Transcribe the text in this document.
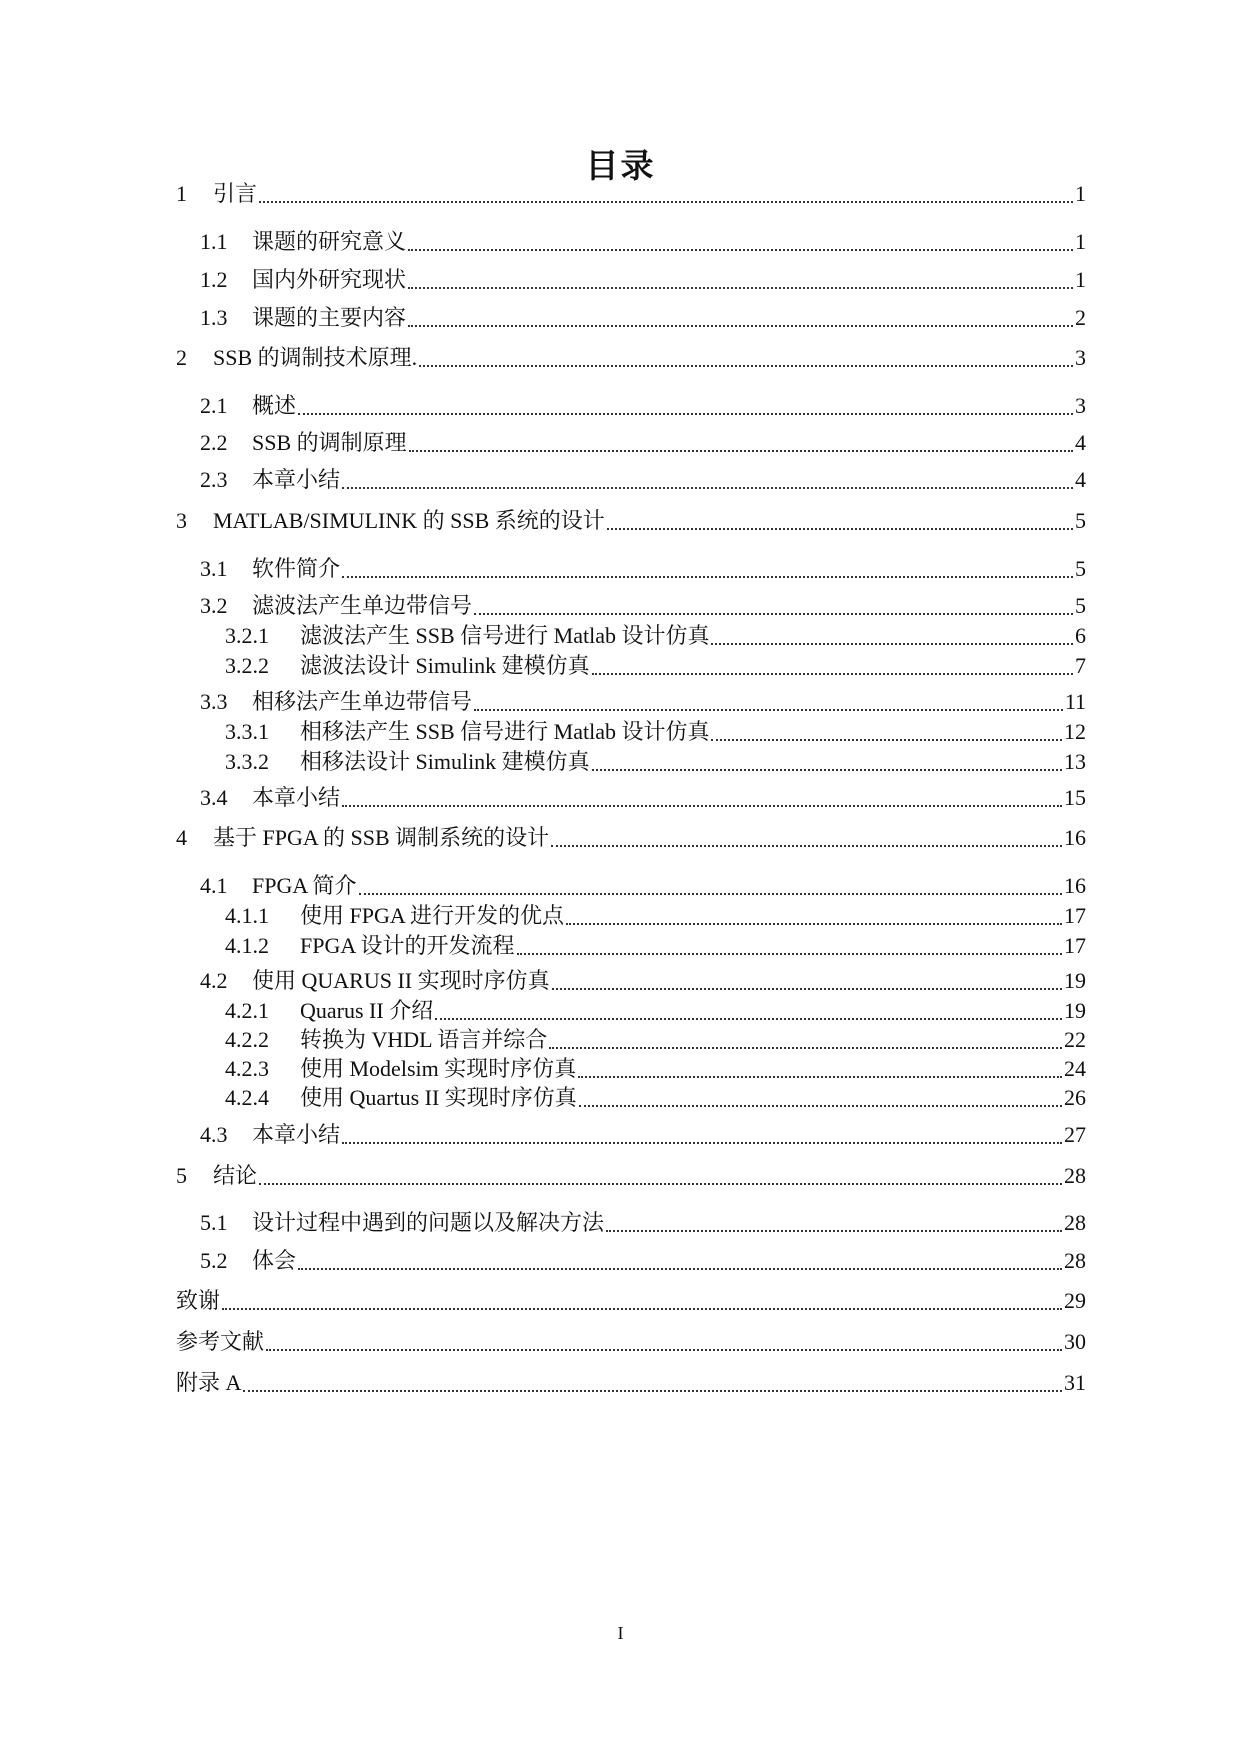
目录
1 引言	1
1.1 课题的研究意义	1
1.2 国内外研究现状	1
1.3 课题的主要内容	2
2 SSB 的调制技术原理.	3
2.1 概述	3
2.2 SSB 的调制原理	4
2.3 本章小结	4
3 MATLAB/SIMULINK 的 SSB 系统的设计	5
3.1 软件简介	5
3.2 滤波法产生单边带信号	5
3.2.1 滤波法产生 SSB 信号进行 Matlab 设计仿真	6
3.2.2 滤波法设计 Simulink 建模仿真	7
3.3 相移法产生单边带信号	11
3.3.1 相移法产生 SSB 信号进行 Matlab 设计仿真	12
3.3.2 相移法设计 Simulink 建模仿真	13
3.4 本章小结	15
4 基于 FPGA 的 SSB 调制系统的设计	16
4.1 FPGA 简介	16
4.1.1 使用 FPGA 进行开发的优点	17
4.1.2 FPGA 设计的开发流程	17
4.2 使用 QUARUS II 实现时序仿真	19
4.2.1 Quarus II 介绍	19
4.2.2 转换为 VHDL 语言并综合	22
4.2.3 使用 Modelsim 实现时序仿真	24
4.2.4 使用 Quartus II 实现时序仿真	26
4.3 本章小结	27
5 结论	28
5.1 设计过程中遇到的问题以及解决方法	28
5.2 体会	28
致谢	29
参考文献	30
附录 A	31
I
